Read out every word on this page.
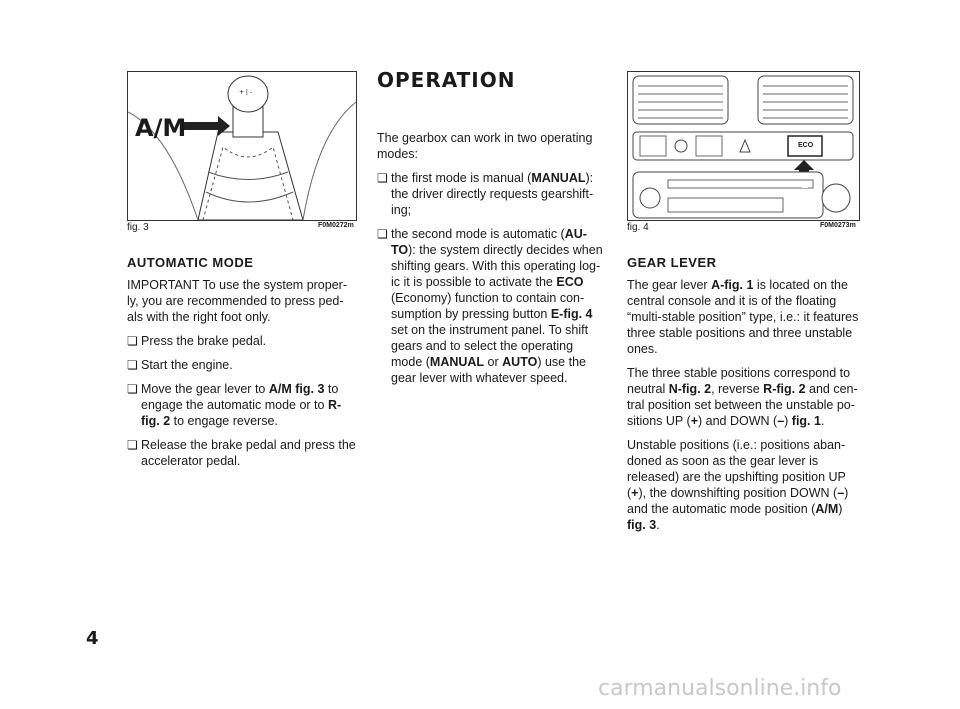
+ | -
A/M
fig. 3	F0M0272m
ECO
E
fig. 4	F0M0273m
AUTOMATIC MODE

IMPORTANT To use the system proper-ly, you are recommended to press ped-als with the right foot only.

❏ Press the brake pedal.
❏ Start the engine.
❏ Move the gear lever to A/M fig. 3 to engage the automatic mode or to R-fig. 2 to engage reverse.
❏ Release the brake pedal and press the accelerator pedal.
OPERATION

The gearbox can work in two operating modes:

❏ the first mode is manual (MANUAL): the driver directly requests gearshift-ing;
❏ the second mode is automatic (AU-TO): the system directly decides when shifting gears. With this operating log-ic it is possible to activate the ECO (Economy) function to contain con-sumption by pressing button E-fig. 4 set on the instrument panel. To shift gears and to select the operating mode (MANUAL or AUTO) use the gear lever with whatever speed.
GEAR LEVER

The gear lever A-fig. 1 is located on the central console and it is of the floating “multi-stable position” type, i.e.: it features three stable positions and three unstable ones.

The three stable positions correspond to neutral N-fig. 2, reverse R-fig. 2 and cen-tral position set between the unstable po-sitions UP (+) and DOWN (–) fig. 1.

Unstable positions (i.e.: positions aban-doned as soon as the gear lever is released) are the upshifting position UP (+), the downshifting position DOWN (–) and the automatic mode position (A/M) fig. 3.

4
carmanualsonline.info
